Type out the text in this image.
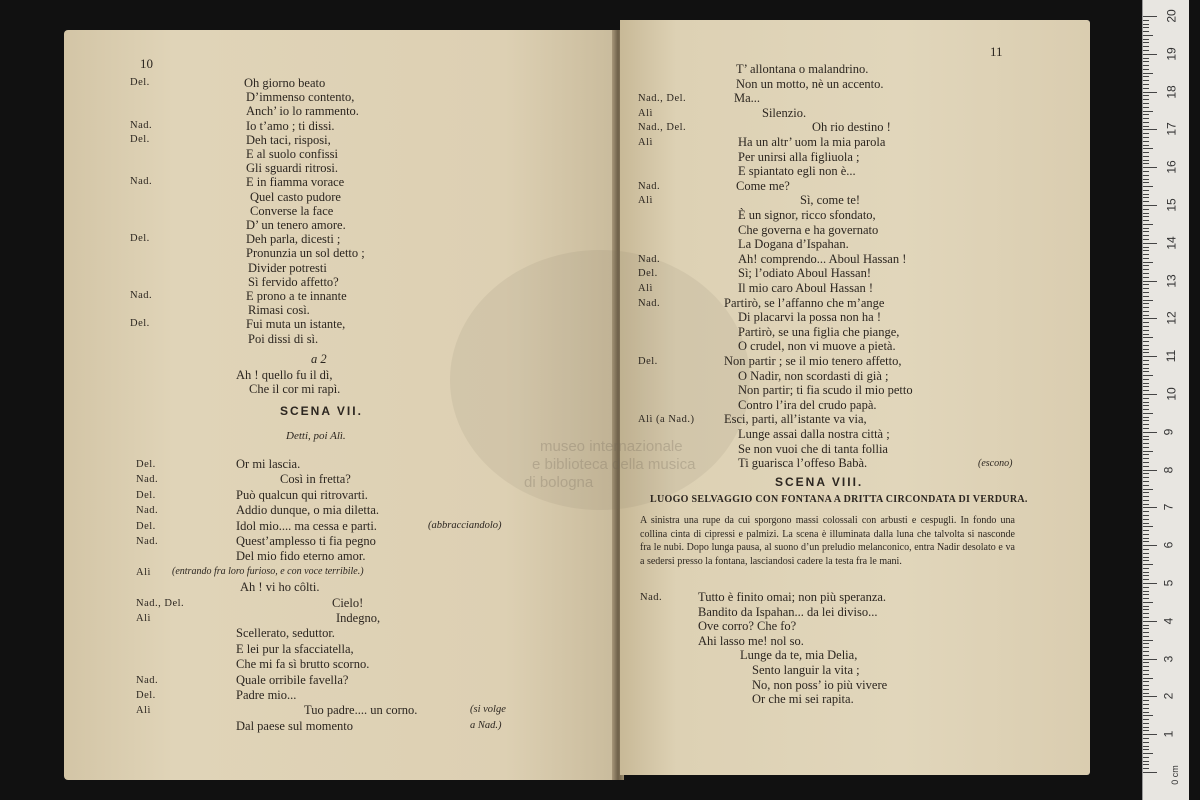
10
Del.	Oh giorno beato
D’immenso contento,
Anch’ io lo rammento.
Nad.	Io t’amo ; ti dissi.
Del.	Deh taci, risposi,
E al suolo confissi
Gli sguardi ritrosi.
Nad.	E in fiamma vorace
Quel casto pudore
Converse la face
D’ un tenero amore.
Del.	Deh parla, dicesti ;
Pronunzia un sol detto ;
Divider potresti
Sì fervido affetto?
Nad.	E prono a te innante
Rimasi così.
Del.	Fui muta un istante,
Poi dissi di sì.
a 2
Ah ! quello fu il dì,
Che il cor mi rapì.
SCENA VII.
Detti, poi Alì.
Del.	Or mi lascia.
Nad.	Così in fretta?
Del.	Può qualcun qui ritrovarti.
Nad.	Addio dunque, o mia diletta.
Del.	Idol mio.... ma cessa e parti.	(abbracciandolo)
Nad.	Quest’amplesso ti fia pegno
Del mio fido eterno amor.
Alì (entrando fra loro furioso, e con voce terribile.)
Ah ! vi ho côlti.
Nad., Del.	Cielo!
Alì	Indegno,
Scellerato, seduttor.
E lei pur la sfacciatella,
Che mi fa sì brutto scorno.
Nad.	Quale orribile favella?
Del.	Padre mio...
Alì	Tuo padre.... un corno.	(si volge
Dal paese sul momento	a Nad.)
11
T’ allontana o malandrino.
Non un motto, nè un accento.
Nad., Del.	Ma...
Alì	Silenzio.
Nad., Del.	Oh rio destino !
Alì	Ha un altr’ uom la mia parola
Per unirsi alla figliuola ;
E spiantato egli non è...
Nad.	Come me?
Alì	Sì, come te!
È un signor, ricco sfondato,
Che governa e ha governato
La Dogana d’Ispahan.
Nad.	Ah! comprendo... Aboul Hassan !
Del.	Sì; l’odiato Aboul Hassan!
Alì	Il mio caro Aboul Hassan !
Nad.	Partirò, se l’affanno che m’ange
Di placarvi la possa non ha !
Partirò, se una figlia che piange,
O crudel, non vi muove a pietà.
Del.	Non partir ; se il mio tenero affetto,
O Nadir, non scordasti di già ;
Non partir; ti fia scudo il mio petto
Contro l’ira del crudo papà.
Alì (a Nad.) Esci, parti, all’istante va via,
Lunge assai dalla nostra città ;
Se non vuoi che di tanta follia
Ti guarisca l’offeso Babà.	(escono)
SCENA VIII.
LUOGO SELVAGGIO CON FONTANA A DRITTA CIRCONDATA DI VERDURA.
A sinistra una rupe da cui sporgono massi colossali con arbusti e cespugli. In fondo una collina cinta di cipressi e palmizi. La scena è illuminata dalla luna che talvolta si nasconde fra le nubi. Dopo lunga pausa, al suono d’un preludio melanconico, entra Nadir desolato e va a sedersi presso la fontana, lasciandosi cadere la testa fra le mani.
Nad.	Tutto è finito omai; non più speranza.
Bandito da Ispahan... da lei diviso...
Ove corro? Che fo?
Ahi lasso me! nol so.
Lunge da te, mia Delia,
Sento languir la vita ;
No, non poss’ io più vivere
Or che mi sei rapita.
museo internazionale
e biblioteca della musica
di bologna
1
2
3
4
5
6
7
8
9
10
11
12
13
14
15
16
17
18
19
20
0 cm
